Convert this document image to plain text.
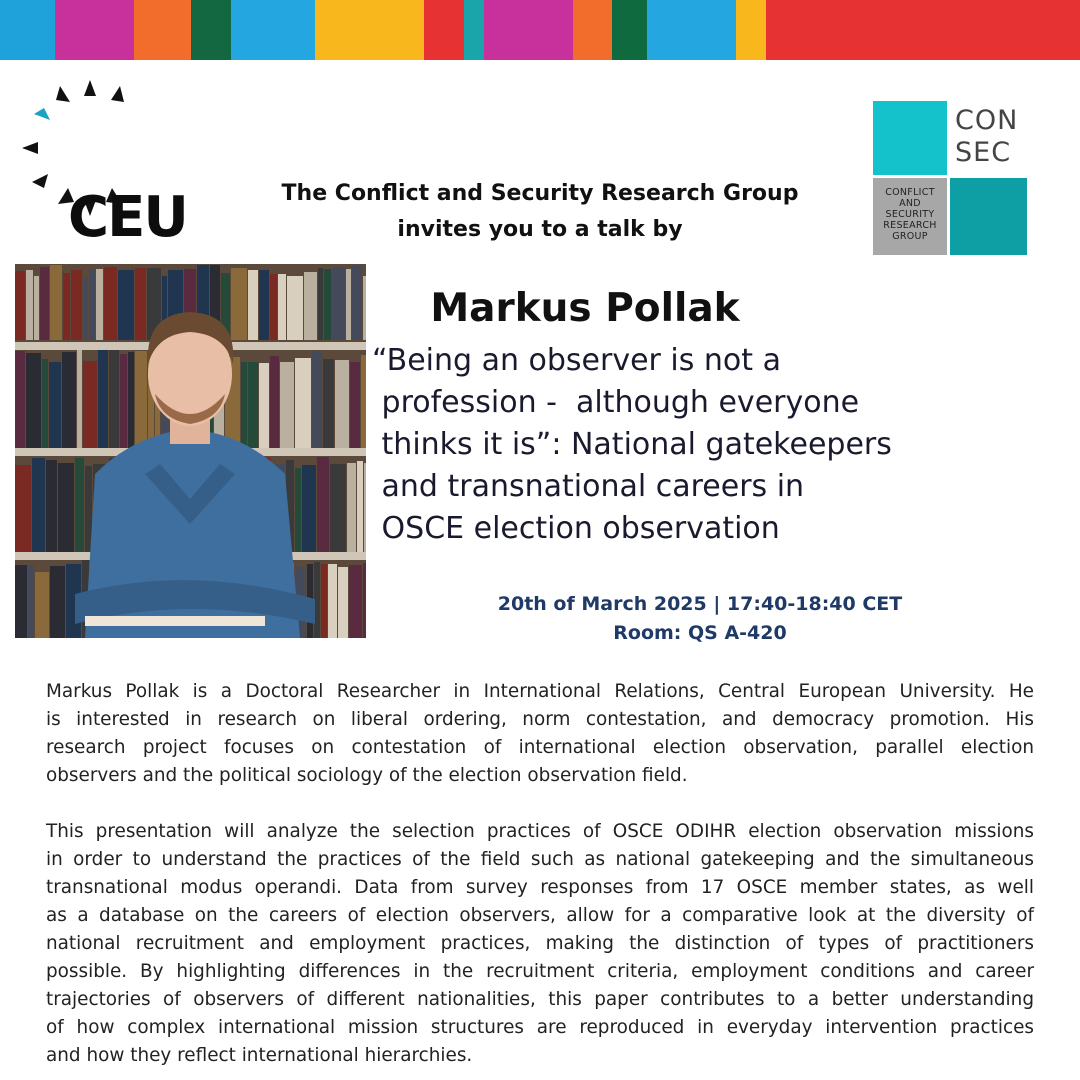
CEU	The Conflict and Security Research Group
invites you to a talk by
CON
SEC
CONFLICT
AND
SECURITY
RESEARCH
GROUP
Markus Pollak
“Being an observer is not a
profession -  although everyone
thinks it is”: National gatekeepers
and transnational careers in
OSCE election observation
20th of March 2025 | 17:40-18:40 CET
Room: QS A-420
Markus Pollak is a Doctoral Researcher in International Relations, Central European University. He
is interested in research on liberal ordering, norm contestation, and democracy promotion. His
research project focuses on contestation of international election observation, parallel election
observers and the political sociology of the election observation field.
This presentation will analyze the selection practices of OSCE ODIHR election observation missions
in order to understand the practices of the field such as national gatekeeping and the simultaneous
transnational modus operandi. Data from survey responses from 17 OSCE member states, as well
as a database on the careers of election observers, allow for a comparative look at the diversity of
national recruitment and employment practices, making the distinction of types of practitioners
possible. By highlighting differences in the recruitment criteria, employment conditions and career
trajectories of observers of different nationalities, this paper contributes to a better understanding
of how complex international mission structures are reproduced in everyday intervention practices
and how they reflect international hierarchies.
